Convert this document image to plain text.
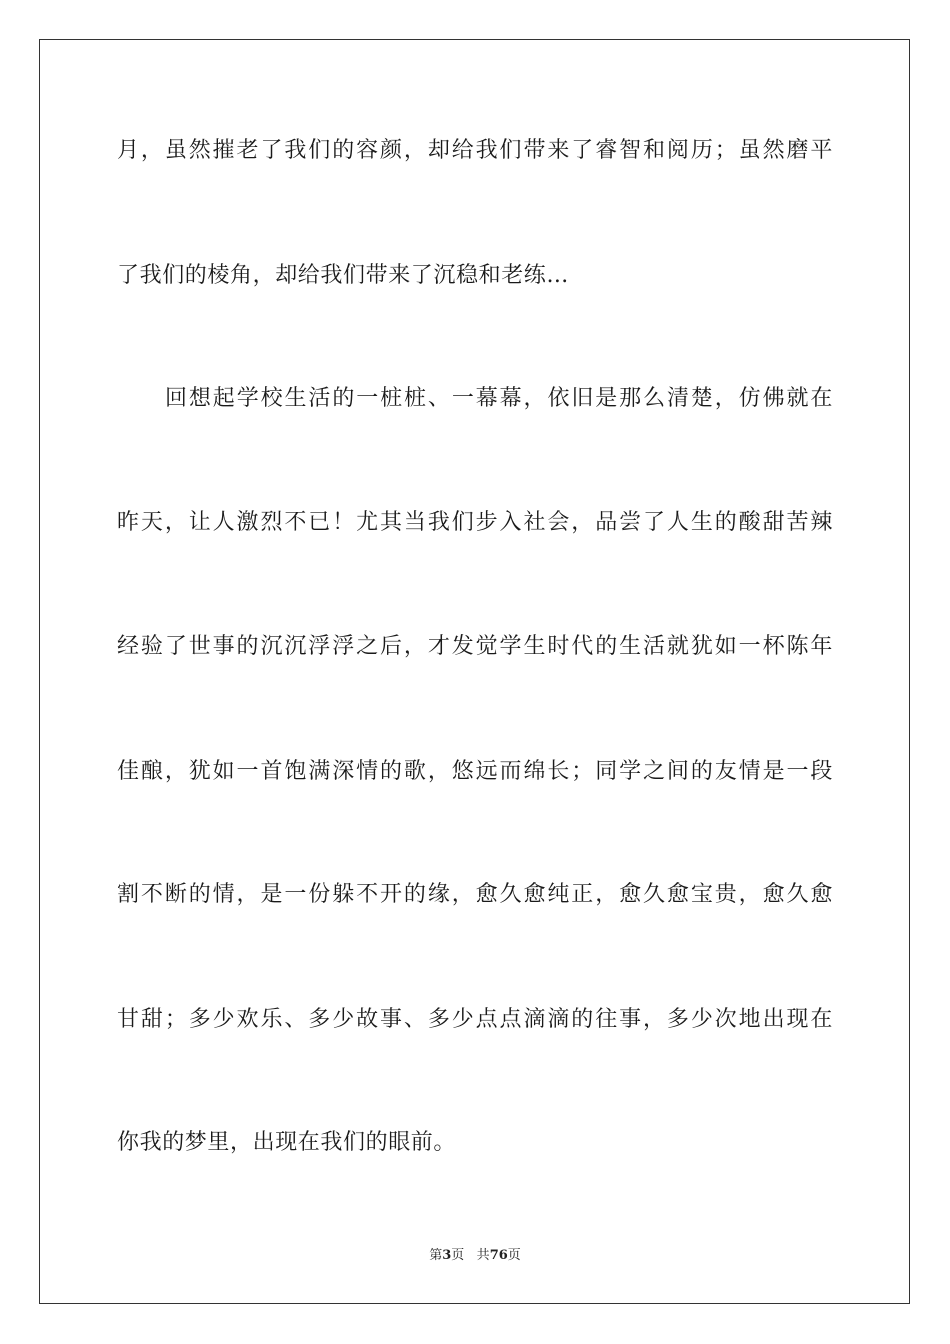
月，虽然摧老了我们的容颜，却给我们带来了睿智和阅历；虽然磨平
了我们的棱角，却给我们带来了沉稳和老练…
回想起学校生活的一桩桩、一幕幕，依旧是那么清楚，仿佛就在
昨天，让人激烈不已！尤其当我们步入社会，品尝了人生的酸甜苦辣
经验了世事的沉沉浮浮之后，才发觉学生时代的生活就犹如一杯陈年
佳酿，犹如一首饱满深情的歌，悠远而绵长；同学之间的友情是一段
割不断的情，是一份躲不开的缘，愈久愈纯正，愈久愈宝贵，愈久愈
甘甜；多少欢乐、多少故事、多少点点滴滴的往事，多少次地出现在
你我的梦里，出现在我们的眼前。
第3页 共76页
